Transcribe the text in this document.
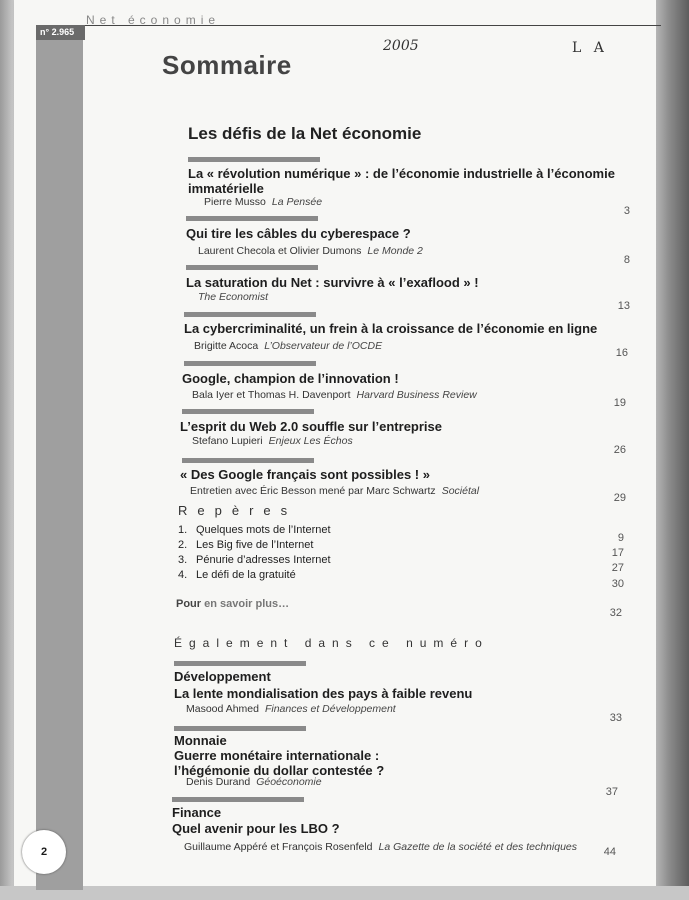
n° 2.965
Net économie
2005	L A
Sommaire
Les défis de la Net économie
La « révolution numérique » : de l’économie industrielle à l’économie immatérielle
Pierre Musso La Pensée
3
Qui tire les câbles du cyberespace ?
Laurent Checola et Olivier Dumons Le Monde 2
8
La saturation du Net : survivre à « l’exaflood » !
The Economist
13
La cybercriminalité, un frein à la croissance de l’économie en ligne
Brigitte Acoca L’Observateur de l’OCDE
16
Google, champion de l’innovation !
Bala Iyer et Thomas H. Davenport Harvard Business Review
19
L’esprit du Web 2.0 souffle sur l’entreprise
Stefano Lupieri Enjeux Les Échos
26
« Des Google français sont possibles ! »
Entretien avec Éric Besson mené par Marc Schwartz Sociétal
29
Repères
1. Quelques mots de l’Internet
2. Les Big five de l’Internet
3. Pénurie d’adresses Internet
4. Le défi de la gratuité
9
17
27
30
Pour en savoir plus…
32
Également dans ce numéro
Développement
La lente mondialisation des pays à faible revenu
Masood Ahmed Finances et Développement
33
Monnaie
Guerre monétaire internationale : l’hégémonie du dollar contestée ?
Denis Durand Géoéconomie
37
Finance
Quel avenir pour les LBO ?
Guillaume Appéré et François Rosenfeld La Gazette de la société et des techniques	44
2
